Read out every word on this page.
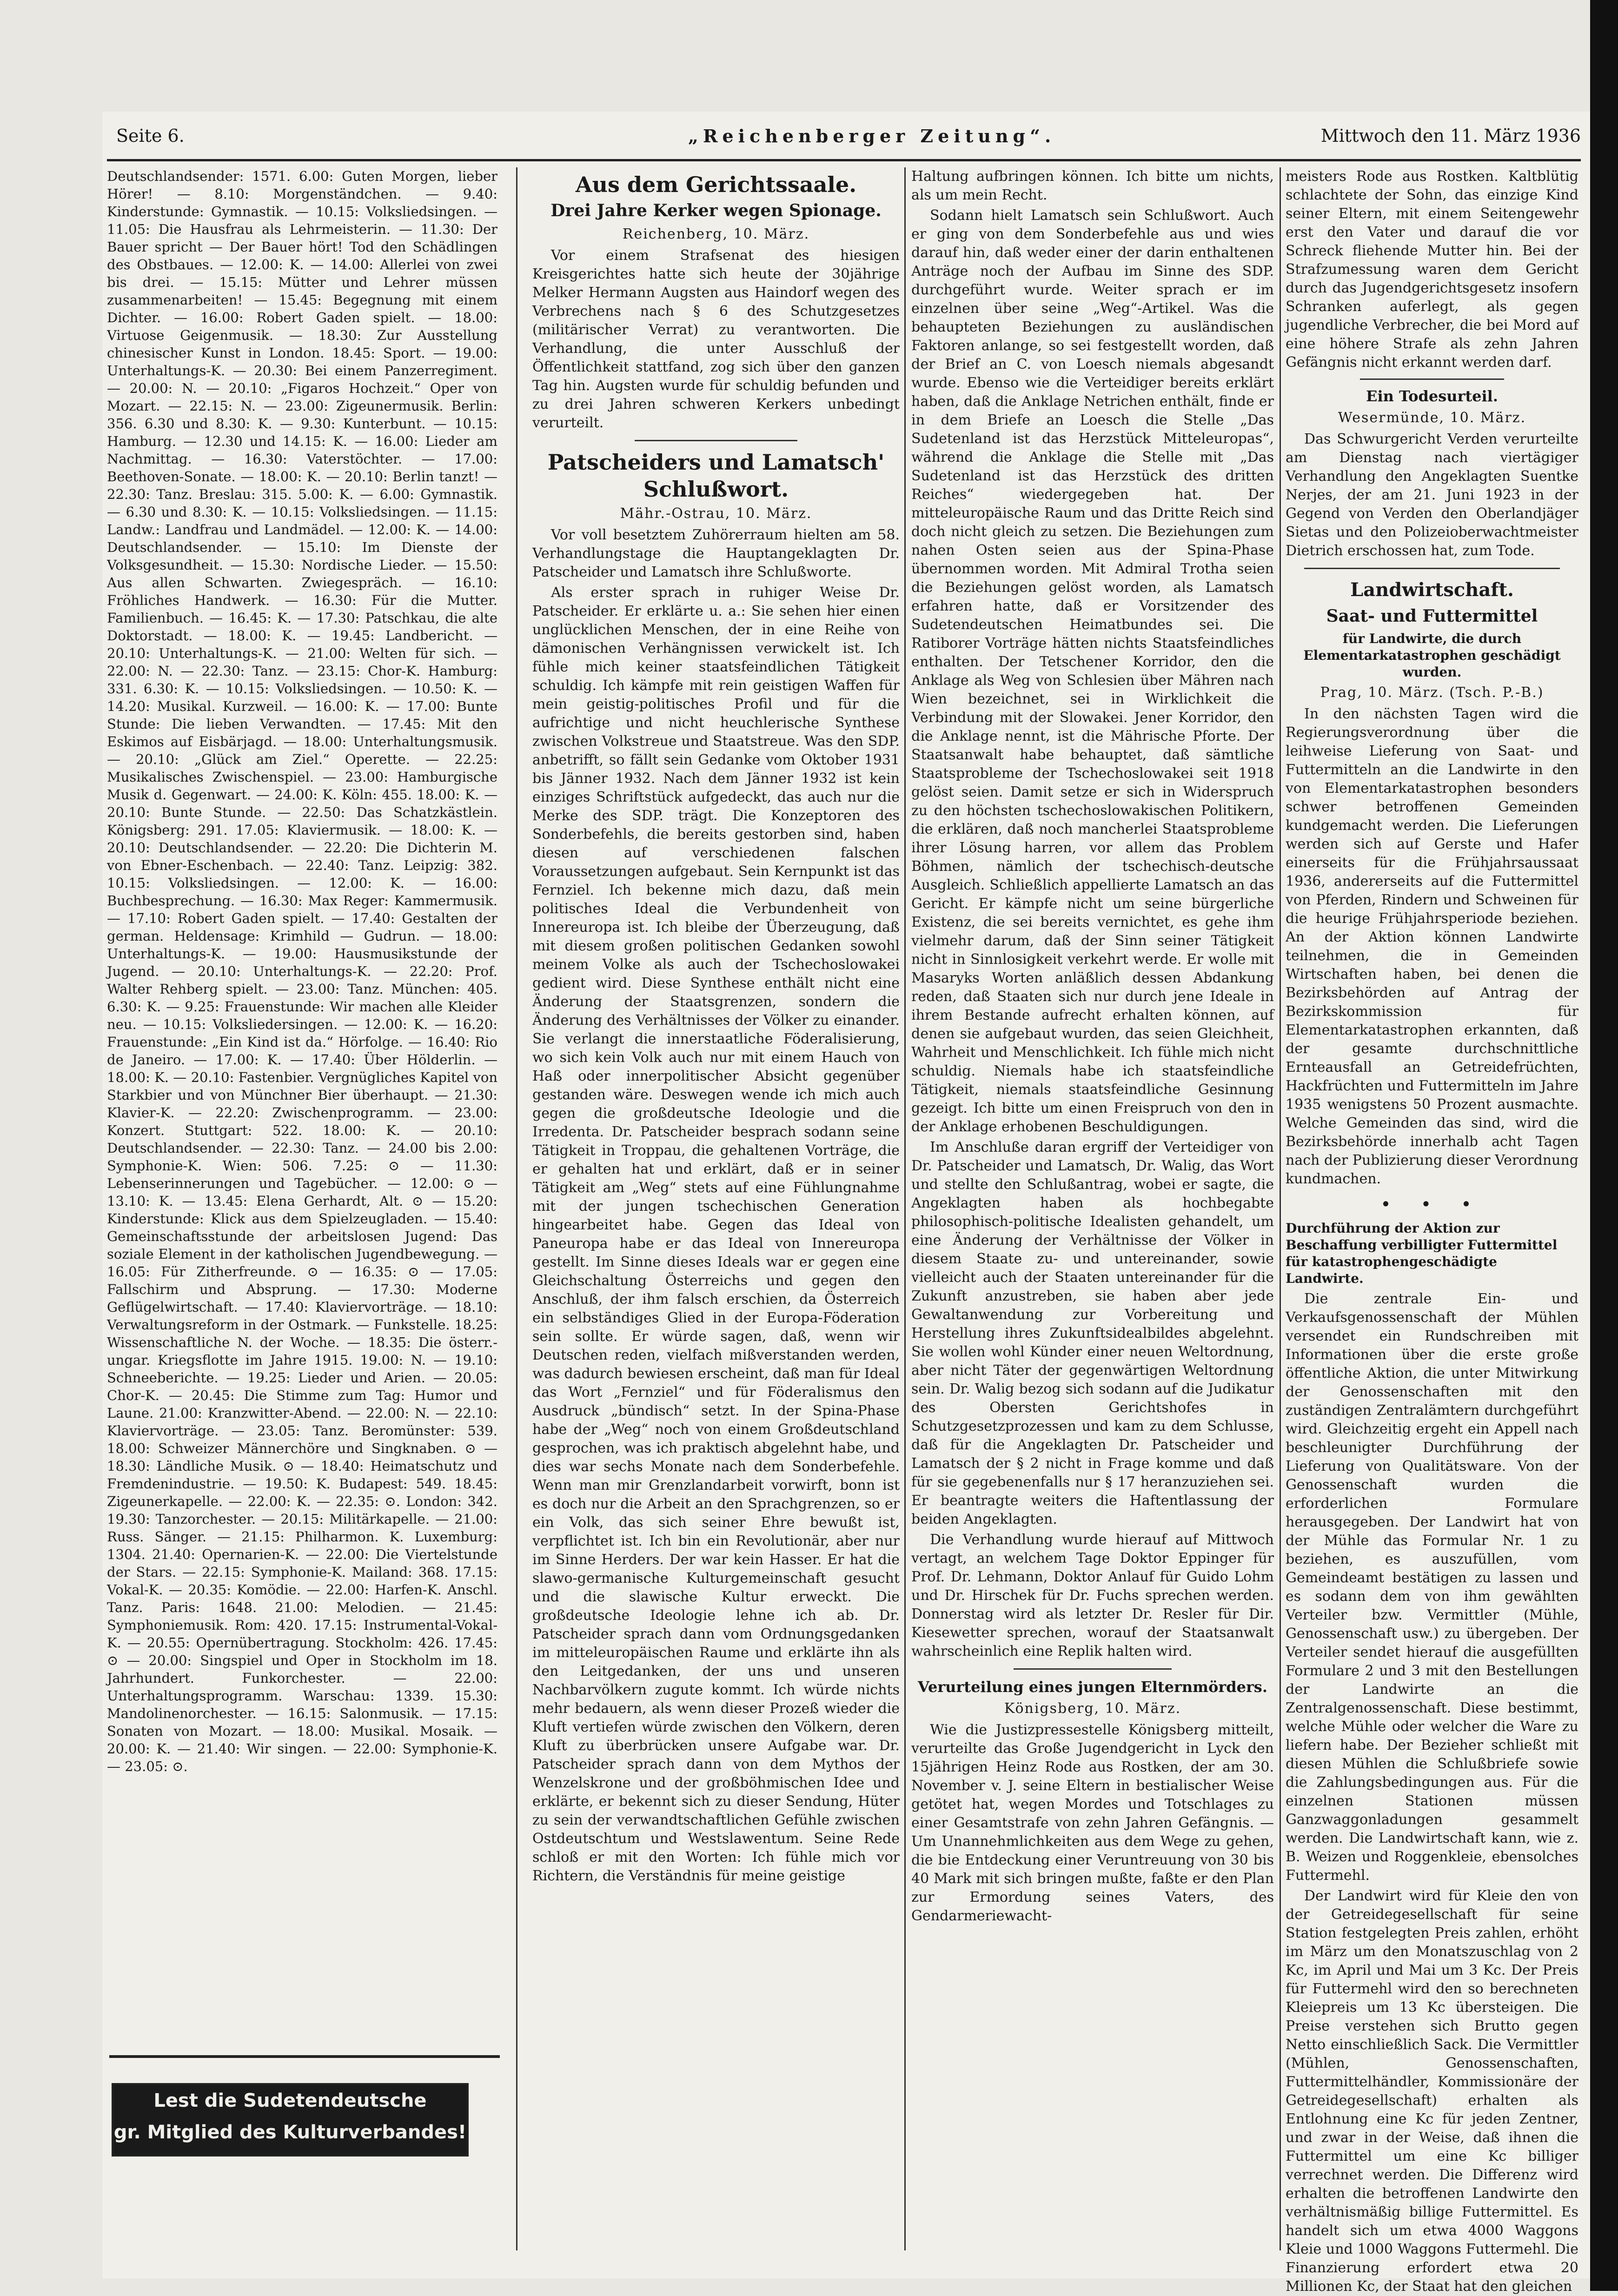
Seite 6.	„Reichenberger Zeitung“.	Mittwoch den 11. März 1936

Deutschlandsender: 1571. 6.00: Guten Morgen, lieber Hörer! — 8.10: Morgenständchen. — 9.40: Kinderstunde: Gymnastik. — 10.15: Volksliedsingen. — 11.05: Die Hausfrau als Lehrmeisterin. — 11.30: Der Bauer spricht — Der Bauer hört! Tod den Schädlingen des Obstbaues. — 12.00: K. — 14.00: Allerlei von zwei bis drei. — 15.15: Mütter und Lehrer müssen zusammenarbeiten! — 15.45: Begegnung mit einem Dichter. — 16.00: Robert Gaden spielt. — 18.00: Virtuose Geigenmusik. — 18.30: Zur Ausstellung chinesischer Kunst in London. 18.45: Sport. — 19.00: Unterhaltungs-K. — 20.30: Bei einem Panzerregiment. — 20.00: N. — 20.10: „Figaros Hochzeit.“ Oper von Mozart. — 22.15: N. — 23.00: Zigeunermusik. Berlin: 356. 6.30 und 8.30: K. — 9.30: Kunterbunt. — 10.15: Hamburg. — 12.30 und 14.15: K. — 16.00: Lieder am Nachmittag. — 16.30: Vaterstöchter. — 17.00: Beethoven-Sonate. — 18.00: K. — 20.10: Berlin tanzt! — 22.30: Tanz. Breslau: 315. 5.00: K. — 6.00: Gymnastik. — 6.30 und 8.30: K. — 10.15: Volksliedsingen. — 11.15: Landw.: Landfrau und Landmädel. — 12.00: K. — 14.00: Deutschlandsender. — 15.10: Im Dienste der Volksgesundheit. — 15.30: Nordische Lieder. — 15.50: Aus allen Schwarten. Zwiegespräch. — 16.10: Fröhliches Handwerk. — 16.30: Für die Mutter. Familienbuch. — 16.45: K. — 17.30: Patschkau, die alte Doktorstadt. — 18.00: K. — 19.45: Landbericht. — 20.10: Unterhaltungs-K. — 21.00: Welten für sich. — 22.00: N. — 22.30: Tanz. — 23.15: Chor-K. Hamburg: 331. 6.30: K. — 10.15: Volksliedsingen. — 10.50: K. — 14.20: Musikal. Kurzweil. — 16.00: K. — 17.00: Bunte Stunde: Die lieben Verwandten. — 17.45: Mit den Eskimos auf Eisbärjagd. — 18.00: Unterhaltungsmusik. — 20.10: „Glück am Ziel.“ Operette. — 22.25: Musikalisches Zwischenspiel. — 23.00: Hamburgische Musik d. Gegenwart. — 24.00: K. Köln: 455. 18.00: K. — 20.10: Bunte Stunde. — 22.50: Das Schatzkästlein. Königsberg: 291. 17.05: Klaviermusik. — 18.00: K. — 20.10: Deutschlandsender. — 22.20: Die Dichterin M. von Ebner-Eschenbach. — 22.40: Tanz. Leipzig: 382. 10.15: Volksliedsingen. — 12.00: K. — 16.00: Buchbesprechung. — 16.30: Max Reger: Kammermusik. — 17.10: Robert Gaden spielt. — 17.40: Gestalten der german. Heldensage: Krimhild — Gudrun. — 18.00: Unterhaltungs-K. — 19.00: Hausmusikstunde der Jugend. — 20.10: Unterhaltungs-K. — 22.20: Prof. Walter Rehberg spielt. — 23.00: Tanz. München: 405. 6.30: K. — 9.25: Frauenstunde: Wir machen alle Kleider neu. — 10.15: Volksliedersingen. — 12.00: K. — 16.20: Frauenstunde: „Ein Kind ist da.“ Hörfolge. — 16.40: Rio de Janeiro. — 17.00: K. — 17.40: Über Hölderlin. — 18.00: K. — 20.10: Fastenbier. Vergnügliches Kapitel von Starkbier und von Münchner Bier überhaupt. — 21.30: Klavier-K. — 22.20: Zwischenprogramm. — 23.00: Konzert. Stuttgart: 522. 18.00: K. — 20.10: Deutschlandsender. — 22.30: Tanz. — 24.00 bis 2.00: Symphonie-K. Wien: 506. 7.25: ⊙ — 11.30: Lebenserinnerungen und Tagebücher. — 12.00: ⊙ — 13.10: K. — 13.45: Elena Gerhardt, Alt. ⊙ — 15.20: Kinderstunde: Klick aus dem Spielzeugladen. — 15.40: Gemeinschaftsstunde der arbeitslosen Jugend: Das soziale Element in der katholischen Jugendbewegung. — 16.05: Für Zitherfreunde. ⊙ — 16.35: ⊙ — 17.05: Fallschirm und Absprung. — 17.30: Moderne Geflügelwirtschaft. — 17.40: Klaviervorträge. — 18.10: Verwaltungsreform in der Ostmark. — Funkstelle. 18.25: Wissenschaftliche N. der Woche. — 18.35: Die österr.-ungar. Kriegsflotte im Jahre 1915. 19.00: N. — 19.10: Schneeberichte. — 19.25: Lieder und Arien. — 20.05: Chor-K. — 20.45: Die Stimme zum Tag: Humor und Laune. 21.00: Kranzwitter-Abend. — 22.00: N. — 22.10: Klaviervorträge. — 23.05: Tanz. Beromünster: 539. 18.00: Schweizer Männerchöre und Singknaben. ⊙ — 18.30: Ländliche Musik. ⊙ — 18.40: Heimatschutz und Fremdenindustrie. — 19.50: K. Budapest: 549. 18.45: Zigeunerkapelle. — 22.00: K. — 22.35: ⊙. London: 342. 19.30: Tanzorchester. — 20.15: Militärkapelle. — 21.00: Russ. Sänger. — 21.15: Philharmon. K. Luxemburg: 1304. 21.40: Opernarien-K. — 22.00: Die Viertelstunde der Stars. — 22.15: Symphonie-K. Mailand: 368. 17.15: Vokal-K. — 20.35: Komödie. — 22.00: Harfen-K. Anschl. Tanz. Paris: 1648. 21.00: Melodien. — 21.45: Symphoniemusik. Rom: 420. 17.15: Instrumental-Vokal-K. — 20.55: Opernübertragung. Stockholm: 426. 17.45: ⊙ — 20.00: Singspiel und Oper in Stockholm im 18. Jahrhundert. Funkorchester. — 22.00: Unterhaltungsprogramm. Warschau: 1339. 15.30: Mandolinenorchester. — 16.15: Salonmusik. — 17.15: Sonaten von Mozart. — 18.00: Musikal. Mosaik. — 20.00: K. — 21.40: Wir singen. — 22.00: Symphonie-K. — 23.05: ⊙.

Lest die Sudetendeutsche
gr. Mitglied des Kulturverbandes!
Aus dem Gerichtssaale.
Drei Jahre Kerker wegen Spionage.
Reichenberg, 10. März.

Vor einem Strafsenat des hiesigen Kreisgerichtes hatte sich heute der 30jährige Melker Hermann Augsten aus Haindorf wegen des Verbrechens nach § 6 des Schutzgesetzes (militärischer Verrat) zu verantworten. Die Verhandlung, die unter Ausschluß der Öffentlichkeit stattfand, zog sich über den ganzen Tag hin. Augsten wurde für schuldig befunden und zu drei Jahren schweren Kerkers unbedingt verurteilt.

Patscheiders und Lamatsch' Schlußwort.
Mähr.-Ostrau, 10. März.

Vor voll besetztem Zuhörerraum hielten am 58. Verhandlungstage die Hauptangeklagten Dr. Patscheider und Lamatsch ihre Schlußworte.

Als erster sprach in ruhiger Weise Dr. Patscheider. Er erklärte u. a.: Sie sehen hier einen unglücklichen Menschen, der in eine Reihe von dämonischen Verhängnissen verwickelt ist. Ich fühle mich keiner staatsfeindlichen Tätigkeit schuldig. Ich kämpfe mit rein geistigen Waffen für mein geistig-politisches Profil und für die aufrichtige und nicht heuchlerische Synthese zwischen Volkstreue und Staatstreue. Was den SDP. anbetrifft, so fällt sein Gedanke vom Oktober 1931 bis Jänner 1932. Nach dem Jänner 1932 ist kein einziges Schriftstück aufgedeckt, das auch nur die Merke des SDP. trägt. Die Konzeptoren des Sonderbefehls, die bereits gestorben sind, haben diesen auf verschiedenen falschen Voraussetzungen aufgebaut. Sein Kernpunkt ist das Fernziel. Ich bekenne mich dazu, daß mein politisches Ideal die Verbundenheit von Innereuropa ist. Ich bleibe der Überzeugung, daß mit diesem großen politischen Gedanken sowohl meinem Volke als auch der Tschechoslowakei gedient wird. Diese Synthese enthält nicht eine Änderung der Staatsgrenzen, sondern die Änderung des Verhältnisses der Völker zu einander. Sie verlangt die innerstaatliche Föderalisierung, wo sich kein Volk auch nur mit einem Hauch von Haß oder innerpolitischer Absicht gegenüber gestanden wäre. Deswegen wende ich mich auch gegen die großdeutsche Ideologie und die Irredenta. Dr. Patscheider besprach sodann seine Tätigkeit in Troppau, die gehaltenen Vorträge, die er gehalten hat und erklärt, daß er in seiner Tätigkeit am „Weg“ stets auf eine Fühlungnahme mit der jungen tschechischen Generation hingearbeitet habe. Gegen das Ideal von Paneuropa habe er das Ideal von Innereuropa gestellt. Im Sinne dieses Ideals war er gegen eine Gleichschaltung Österreichs und gegen den Anschluß, der ihm falsch erschien, da Österreich ein selbständiges Glied in der Europa-Föderation sein sollte. Er würde sagen, daß, wenn wir Deutschen reden, vielfach mißverstanden werden, was dadurch bewiesen erscheint, daß man für Ideal das Wort „Fernziel“ und für Föderalismus den Ausdruck „bündisch“ setzt. In der Spina-Phase habe der „Weg“ noch von einem Großdeutschland gesprochen, was ich praktisch abgelehnt habe, und dies war sechs Monate nach dem Sonderbefehle. Wenn man mir Grenzlandarbeit vorwirft, bonn ist es doch nur die Arbeit an den Sprachgrenzen, so er ein Volk, das sich seiner Ehre bewußt ist, verpflichtet ist. Ich bin ein Revolutionär, aber nur im Sinne Herders. Der war kein Hasser. Er hat die slawo-germanische Kulturgemeinschaft gesucht und die slawische Kultur erweckt. Die großdeutsche Ideologie lehne ich ab. Dr. Patscheider sprach dann vom Ordnungsgedanken im mitteleuropäischen Raume und erklärte ihn als den Leitgedanken, der uns und unseren Nachbarvölkern zugute kommt. Ich würde nichts mehr bedauern, als wenn dieser Prozeß wieder die Kluft vertiefen würde zwischen den Völkern, deren Kluft zu überbrücken unsere Aufgabe war. Dr. Patscheider sprach dann von dem Mythos der Wenzelskrone und der großböhmischen Idee und erklärte, er bekennt sich zu dieser Sendung, Hüter zu sein der verwandtschaftlichen Gefühle zwischen Ostdeutschtum und Westslawentum. Seine Rede schloß er mit den Worten: Ich fühle mich vor Richtern, die Verständnis für meine geistige

Haltung aufbringen können. Ich bitte um nichts, als um mein Recht.

Sodann hielt Lamatsch sein Schlußwort. Auch er ging von dem Sonderbefehle aus und wies darauf hin, daß weder einer der darin enthaltenen Anträge noch der Aufbau im Sinne des SDP. durchgeführt wurde. Weiter sprach er im einzelnen über seine „Weg“-Artikel. Was die behaupteten Beziehungen zu ausländischen Faktoren anlange, so sei festgestellt worden, daß der Brief an C. von Loesch niemals abgesandt wurde. Ebenso wie die Verteidiger bereits erklärt haben, daß die Anklage Netrichen enthält, finde er in dem Briefe an Loesch die Stelle „Das Sudetenland ist das Herzstück Mitteleuropas“, während die Anklage die Stelle mit „Das Sudetenland ist das Herzstück des dritten Reiches“ wiedergegeben hat. Der mitteleuropäische Raum und das Dritte Reich sind doch nicht gleich zu setzen. Die Beziehungen zum nahen Osten seien aus der Spina-Phase übernommen worden. Mit Admiral Trotha seien die Beziehungen gelöst worden, als Lamatsch erfahren hatte, daß er Vorsitzender des Sudetendeutschen Heimatbundes sei. Die Ratiborer Vorträge hätten nichts Staatsfeindliches enthalten. Der Tetschener Korridor, den die Anklage als Weg von Schlesien über Mähren nach Wien bezeichnet, sei in Wirklichkeit die Verbindung mit der Slowakei. Jener Korridor, den die Anklage nennt, ist die Mährische Pforte. Der Staatsanwalt habe behauptet, daß sämtliche Staatsprobleme der Tschechoslowakei seit 1918 gelöst seien. Damit setze er sich in Widerspruch zu den höchsten tschechoslowakischen Politikern, die erklären, daß noch mancherlei Staatsprobleme ihrer Lösung harren, vor allem das Problem Böhmen, nämlich der tschechisch-deutsche Ausgleich. Schließlich appellierte Lamatsch an das Gericht. Er kämpfe nicht um seine bürgerliche Existenz, die sei bereits vernichtet, es gehe ihm vielmehr darum, daß der Sinn seiner Tätigkeit nicht in Sinnlosigkeit verkehrt werde. Er wolle mit Masaryks Worten anläßlich dessen Abdankung reden, daß Staaten sich nur durch jene Ideale in ihrem Bestande aufrecht erhalten können, auf denen sie aufgebaut wurden, das seien Gleichheit, Wahrheit und Menschlichkeit. Ich fühle mich nicht schuldig. Niemals habe ich staatsfeindliche Tätigkeit, niemals staatsfeindliche Gesinnung gezeigt. Ich bitte um einen Freispruch von den in der Anklage erhobenen Beschuldigungen.

Im Anschluße daran ergriff der Verteidiger von Dr. Patscheider und Lamatsch, Dr. Walig, das Wort und stellte den Schlußantrag, wobei er sagte, die Angeklagten haben als hochbegabte philosophisch-politische Idealisten gehandelt, um eine Änderung der Verhältnisse der Völker in diesem Staate zu- und untereinander, sowie vielleicht auch der Staaten untereinander für die Zukunft anzustreben, sie haben aber jede Gewaltanwendung zur Vorbereitung und Herstellung ihres Zukunftsidealbildes abgelehnt. Sie wollen wohl Künder einer neuen Weltordnung, aber nicht Täter der gegenwärtigen Weltordnung sein. Dr. Walig bezog sich sodann auf die Judikatur des Obersten Gerichtshofes in Schutzgesetzprozessen und kam zu dem Schlusse, daß für die Angeklagten Dr. Patscheider und Lamatsch der § 2 nicht in Frage komme und daß für sie gegebenenfalls nur § 17 heranzuziehen sei. Er beantragte weiters die Haftentlassung der beiden Angeklagten.

Die Verhandlung wurde hierauf auf Mittwoch vertagt, an welchem Tage Doktor Eppinger für Prof. Dr. Lehmann, Doktor Anlauf für Guido Lohm und Dr. Hirschek für Dr. Fuchs sprechen werden. Donnerstag wird als letzter Dr. Resler für Dir. Kiesewetter sprechen, worauf der Staatsanwalt wahrscheinlich eine Replik halten wird.

Verurteilung eines jungen Elternmörders.
Königsberg, 10. März.

Wie die Justizpressestelle Königsberg mitteilt, verurteilte das Große Jugendgericht in Lyck den 15jährigen Heinz Rode aus Rostken, der am 30. November v. J. seine Eltern in bestialischer Weise getötet hat, wegen Mordes und Totschlages zu einer Gesamtstrafe von zehn Jahren Gefängnis. — Um Unannehmlichkeiten aus dem Wege zu gehen, die bie Entdeckung einer Veruntreuung von 30 bis 40 Mark mit sich bringen mußte, faßte er den Plan zur Ermordung seines Vaters, des Gendarmeriewacht-

meisters Rode aus Rostken. Kaltblütig schlachtete der Sohn, das einzige Kind seiner Eltern, mit einem Seitengewehr erst den Vater und darauf die vor Schreck fliehende Mutter hin. Bei der Strafzumessung waren dem Gericht durch das Jugendgerichtsgesetz insofern Schranken auferlegt, als gegen jugendliche Verbrecher, die bei Mord auf eine höhere Strafe als zehn Jahren Gefängnis nicht erkannt werden darf.

Ein Todesurteil.
Wesermünde, 10. März.

Das Schwurgericht Verden verurteilte am Dienstag nach viertägiger Verhandlung den Angeklagten Suentke Nerjes, der am 21. Juni 1923 in der Gegend von Verden den Oberlandjäger Sietas und den Polizeioberwachtmeister Dietrich erschossen hat, zum Tode.

Landwirtschaft.
Saat- und Futtermittel
für Landwirte, die durch Elementarkatastrophen geschädigt wurden.
Prag, 10. März. (Tsch. P.-B.)

In den nächsten Tagen wird die Regierungsverordnung über die leihweise Lieferung von Saat- und Futtermitteln an die Landwirte in den von Elementarkatastrophen besonders schwer betroffenen Gemeinden kundgemacht werden. Die Lieferungen werden sich auf Gerste und Hafer einerseits für die Frühjahrsaussaat 1936, andererseits auf die Futtermittel von Pferden, Rindern und Schweinen für die heurige Frühjahrsperiode beziehen. An der Aktion können Landwirte teilnehmen, die in Gemeinden Wirtschaften haben, bei denen die Bezirksbehörden auf Antrag der Bezirkskommission für Elementarkatastrophen erkannten, daß der gesamte durchschnittliche Ernteausfall an Getreidefrüchten, Hackfrüchten und Futtermitteln im Jahre 1935 wenigstens 50 Prozent ausmachte. Welche Gemeinden das sind, wird die Bezirksbehörde innerhalb acht Tagen nach der Publizierung dieser Verordnung kundmachen.

• • •
Durchführung der Aktion zur Beschaffung verbilligter Futtermittel für katastrophengeschädigte Landwirte.

Die zentrale Ein- und Verkaufsgenossenschaft der Mühlen versendet ein Rundschreiben mit Informationen über die erste große öffentliche Aktion, die unter Mitwirkung der Genossenschaften mit den zuständigen Zentralämtern durchgeführt wird. Gleichzeitig ergeht ein Appell nach beschleunigter Durchführung der Lieferung von Qualitätsware. Von der Genossenschaft wurden die erforderlichen Formulare herausgegeben. Der Landwirt hat von der Mühle das Formular Nr. 1 zu beziehen, es auszufüllen, vom Gemeindeamt bestätigen zu lassen und es sodann dem von ihm gewählten Verteiler bzw. Vermittler (Mühle, Genossenschaft usw.) zu übergeben. Der Verteiler sendet hierauf die ausgefüllten Formulare 2 und 3 mit den Bestellungen der Landwirte an die Zentralgenossenschaft. Diese bestimmt, welche Mühle oder welcher die Ware zu liefern habe. Der Bezieher schließt mit diesen Mühlen die Schlußbriefe sowie die Zahlungsbedingungen aus. Für die einzelnen Stationen müssen Ganzwaggonladungen gesammelt werden. Die Landwirtschaft kann, wie z. B. Weizen und Roggenkleie, ebensolches Futtermehl.

Der Landwirt wird für Kleie den von der Getreidegesellschaft für seine Station festgelegten Preis zahlen, erhöht im März um den Monatszuschlag von 2 Kc, im April und Mai um 3 Kc. Der Preis für Futtermehl wird den so berechneten Kleiepreis um 13 Kc übersteigen. Die Preise verstehen sich Brutto gegen Netto einschließlich Sack. Die Vermittler (Mühlen, Genossenschaften, Futtermittelhändler, Kommissionäre der Getreidegesellschaft) erhalten als Entlohnung eine Kc für jeden Zentner, und zwar in der Weise, daß ihnen die Futtermittel um eine Kc billiger verrechnet werden. Die Differenz wird erhalten die betroffenen Landwirte den verhältnismäßig billige Futtermittel. Es handelt sich um etwa 4000 Waggons Kleie und 1000 Waggons Futtermehl. Die Finanzierung erfordert etwa 20 Millionen Kc, der Staat hat den gleichen
